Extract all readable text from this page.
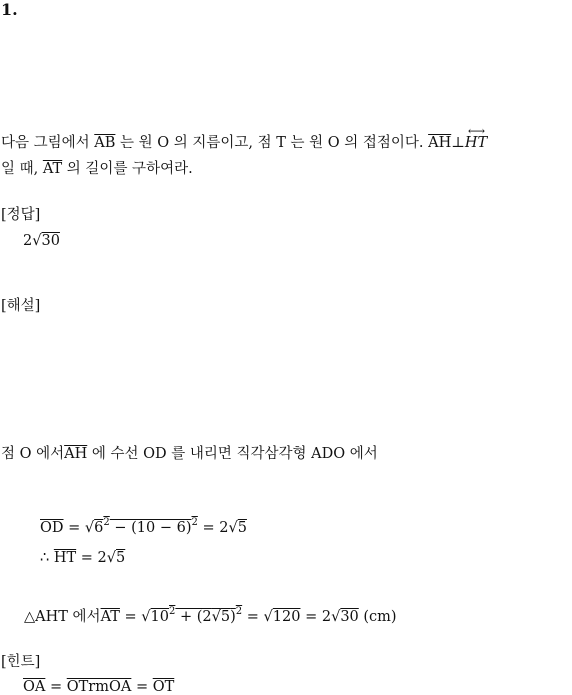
1.
다음 그림에서 $\overline{AB}$ 는 원 O 의 지름이고, 점 T 는 원 O 의 접점이다. $\overline{AH}\perp$
⟷
HT
일 때, $\overline{AT}$ 의 길이를 구하여라.
[정답]
2√30
[해설]
점 O 에서$\overline{AH}$ 에 수선 OD 를 내리면 직각삼각형 ADO 에서
$\overline{OD} = √6^2 - (10 - 6)^2 = 2√5$
∴ $\overline{HT} = 2√5$
△AHT 에서$\overline{AT} = √10^2 + (2√5)^2 = √120 = 2√30$ (cm)
[힌트]
$\overline{OA}$ = OTrmOA = $\overline{OT}$
